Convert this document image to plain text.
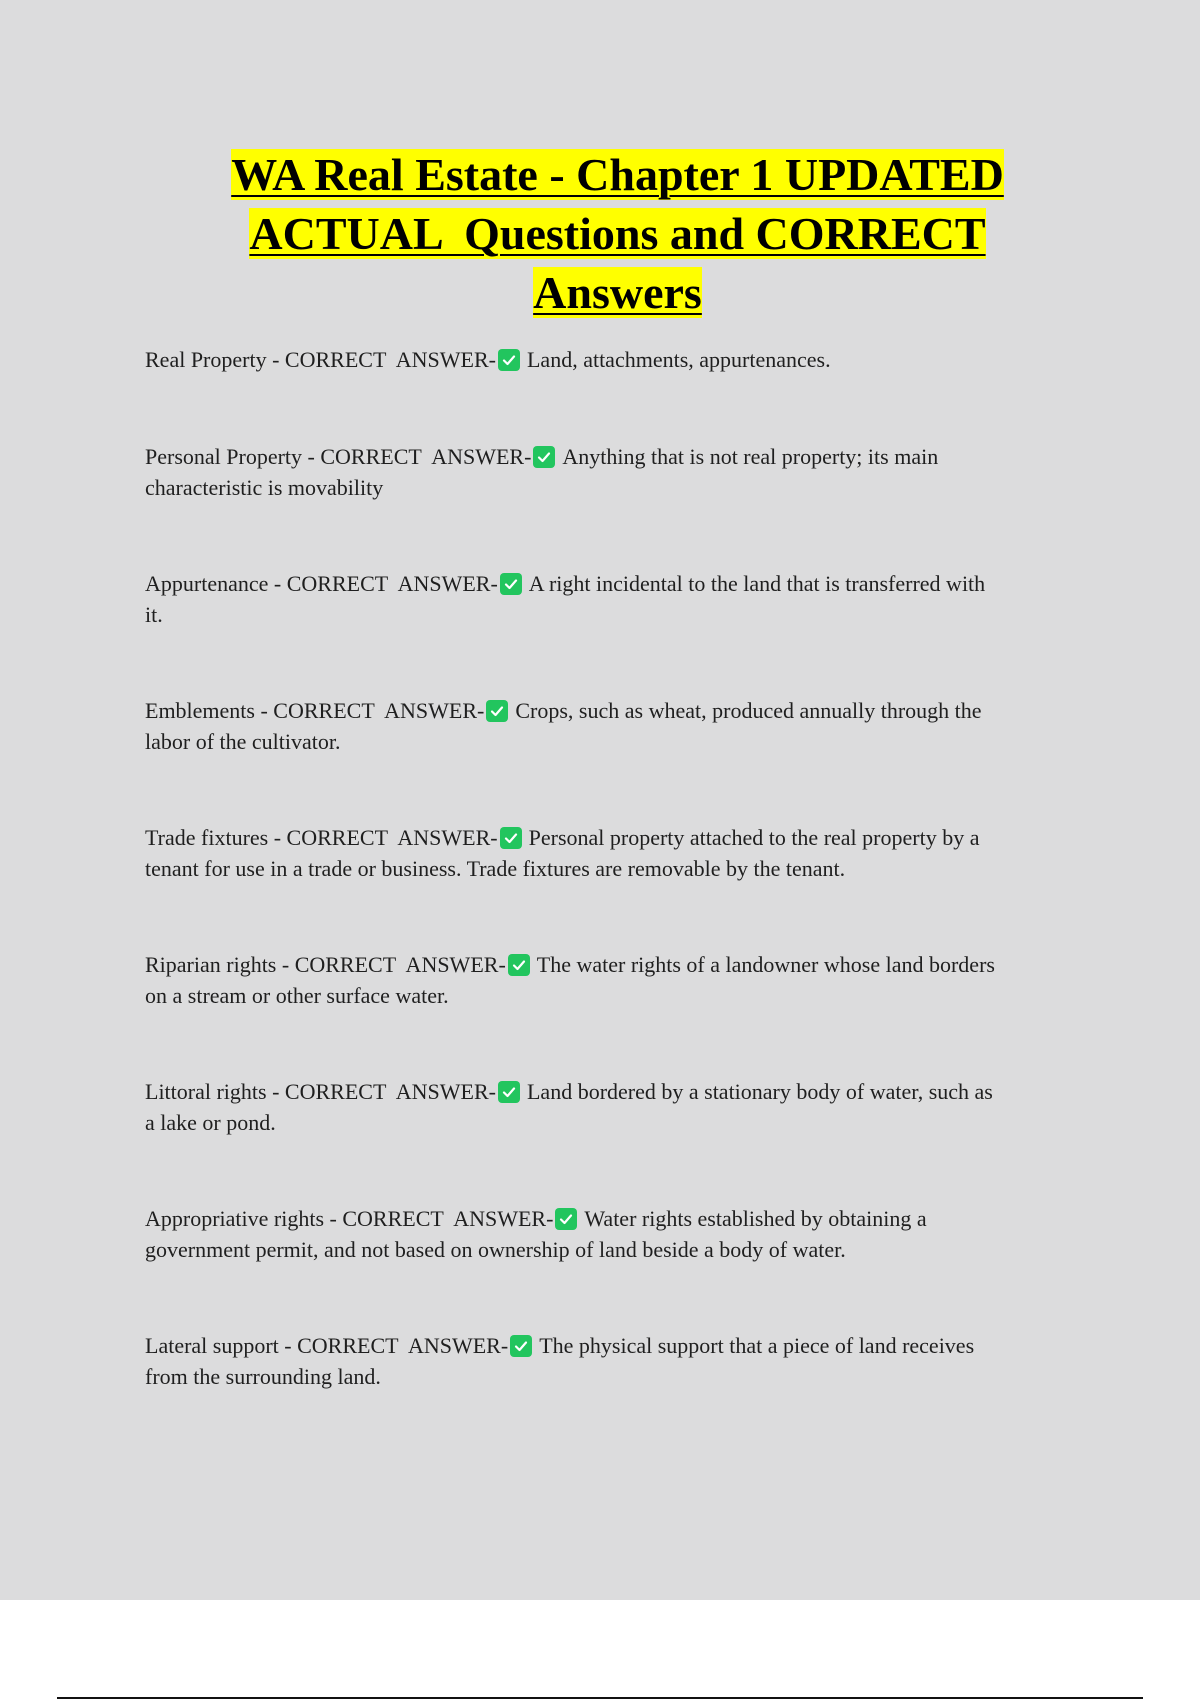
WA Real Estate - Chapter 1 UPDATED
ACTUAL  Questions and CORRECT
Answers
Real Property - CORRECT  ANSWER- Land, attachments, appurtenances.

Personal Property - CORRECT  ANSWER- Anything that is not real property; its main
characteristic is movability
Appurtenance - CORRECT  ANSWER- A right incidental to the land that is transferred with
it.
Emblements - CORRECT  ANSWER- Crops, such as wheat, produced annually through the
labor of the cultivator.
Trade fixtures - CORRECT  ANSWER- Personal property attached to the real property by a
tenant for use in a trade or business. Trade fixtures are removable by the tenant.
Riparian rights - CORRECT  ANSWER- The water rights of a landowner whose land borders
on a stream or other surface water.
Littoral rights - CORRECT  ANSWER- Land bordered by a stationary body of water, such as
a lake or pond.
Appropriative rights - CORRECT  ANSWER- Water rights established by obtaining a
government permit, and not based on ownership of land beside a body of water.
Lateral support - CORRECT  ANSWER- The physical support that a piece of land receives
from the surrounding land.
